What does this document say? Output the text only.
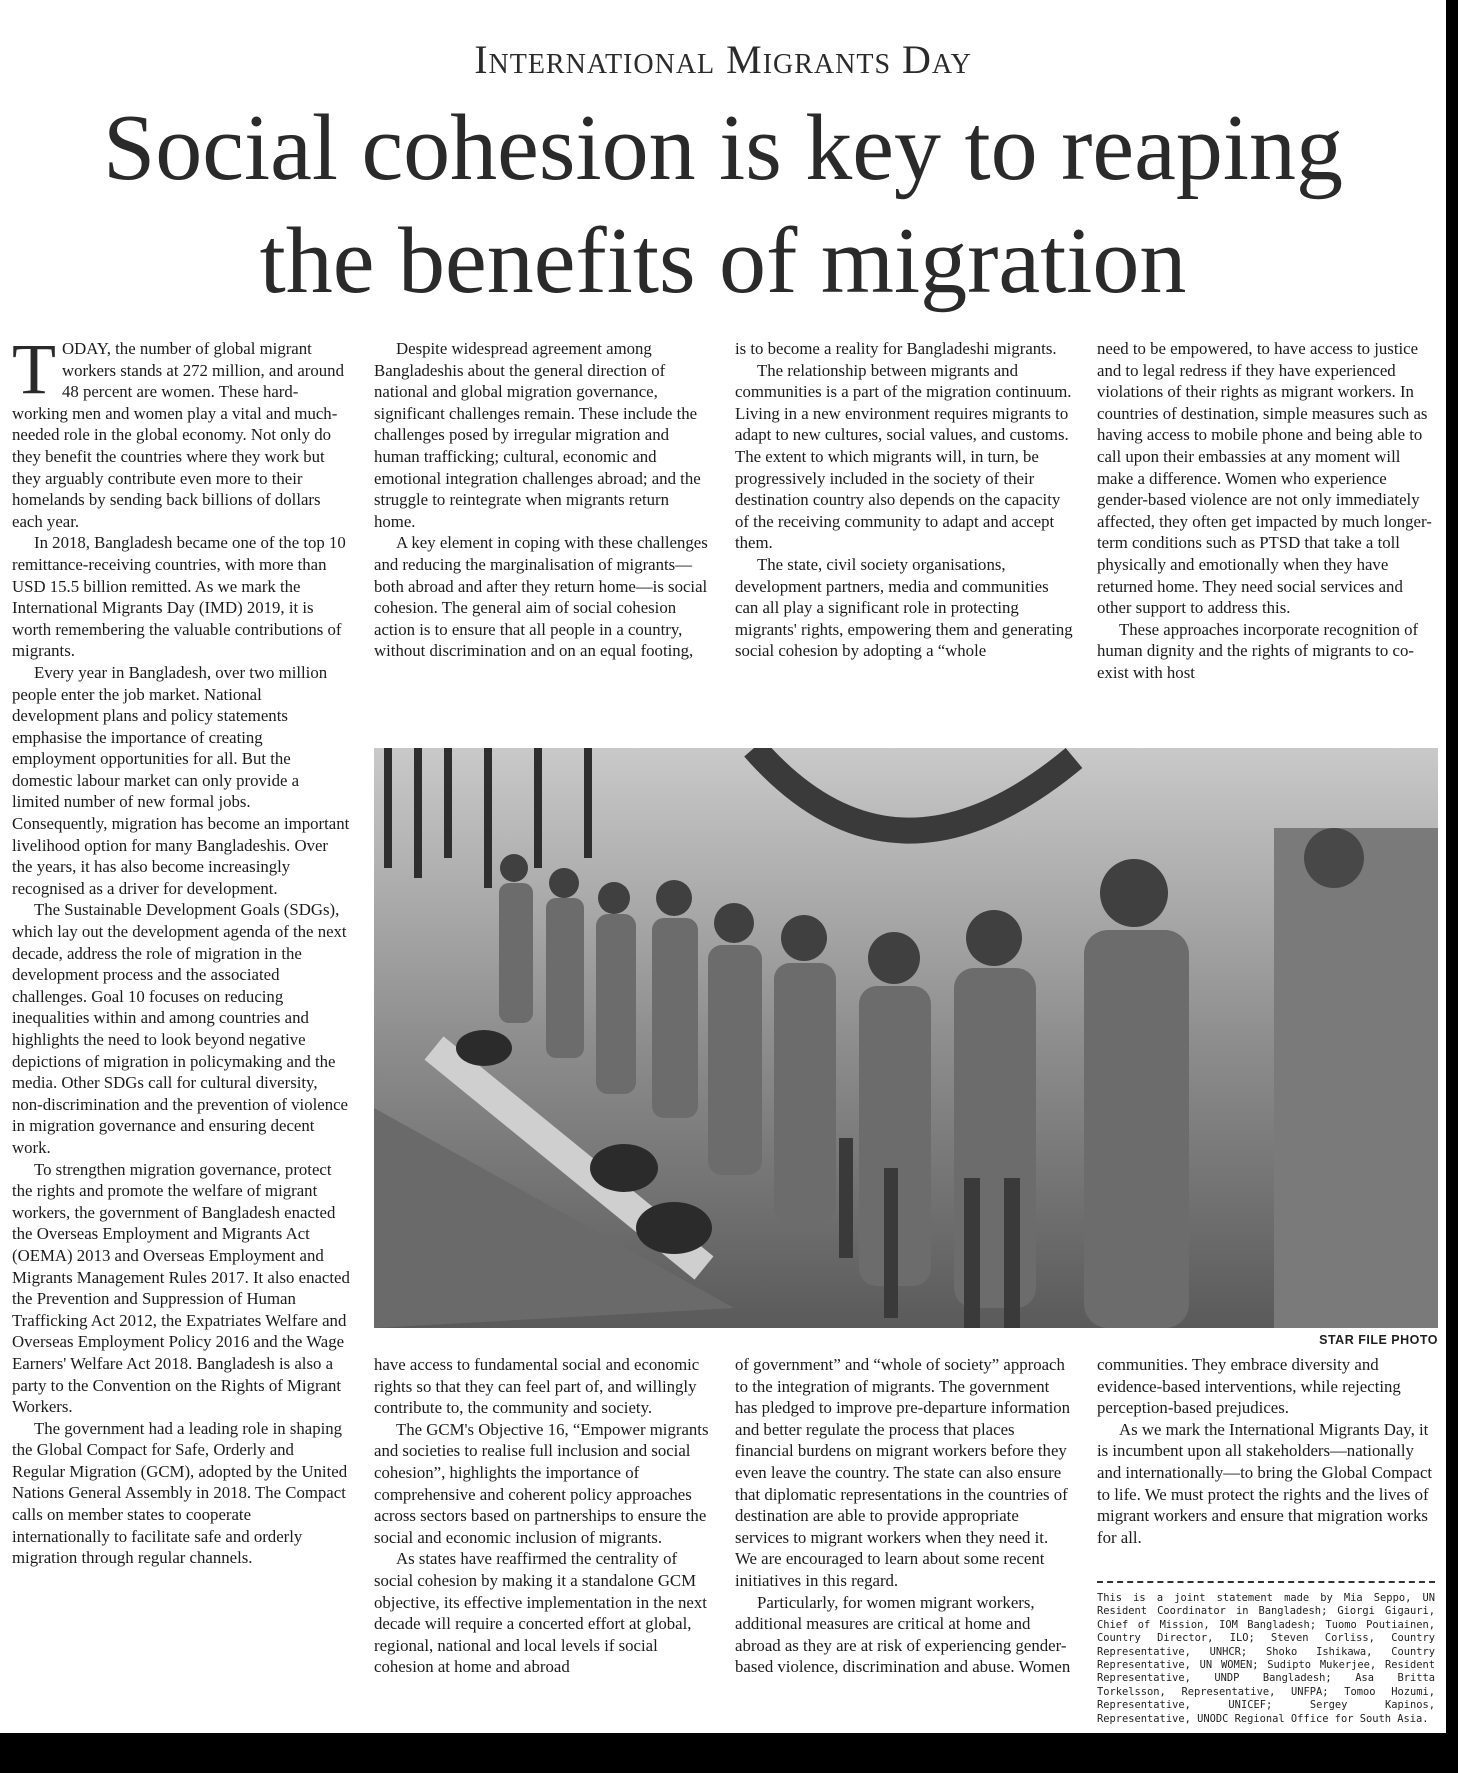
International Migrants Day
Social cohesion is key to reaping
the benefits of migration

TODAY, the number of global migrant workers stands at 272 million, and around 48 percent are women. These hard-working men and women play a vital and much-needed role in the global economy. Not only do they benefit the countries where they work but they arguably contribute even more to their homelands by sending back billions of dollars each year.

In 2018, Bangladesh became one of the top 10 remittance-receiving countries, with more than USD 15.5 billion remitted. As we mark the International Migrants Day (IMD) 2019, it is worth remembering the valuable contributions of migrants.

Every year in Bangladesh, over two million people enter the job market. National development plans and policy statements emphasise the importance of creating employment opportunities for all. But the domestic labour market can only provide a limited number of new formal jobs. Consequently, migration has become an important livelihood option for many Bangladeshis. Over the years, it has also become increasingly recognised as a driver for development.

The Sustainable Development Goals (SDGs), which lay out the development agenda of the next decade, address the role of migration in the development process and the associated challenges. Goal 10 focuses on reducing inequalities within and among countries and highlights the need to look beyond negative depictions of migration in policymaking and the media. Other SDGs call for cultural diversity, non-discrimination and the prevention of violence in migration governance and ensuring decent work.

To strengthen migration governance, protect the rights and promote the welfare of migrant workers, the government of Bangladesh enacted the Overseas Employment and Migrants Act (OEMA) 2013 and Overseas Employment and Migrants Management Rules 2017. It also enacted the Prevention and Suppression of Human Trafficking Act 2012, the Expatriates Welfare and Overseas Employment Policy 2016 and the Wage Earners' Welfare Act 2018. Bangladesh is also a party to the Convention on the Rights of Migrant Workers.

The government had a leading role in shaping the Global Compact for Safe, Orderly and Regular Migration (GCM), adopted by the United Nations General Assembly in 2018. The Compact calls on member states to cooperate internationally to facilitate safe and orderly migration through regular channels.

Despite widespread agreement among Bangladeshis about the general direction of national and global migration governance, significant challenges remain. These include the challenges posed by irregular migration and human trafficking; cultural, economic and emotional integration challenges abroad; and the struggle to reintegrate when migrants return home.

A key element in coping with these challenges and reducing the marginalisation of migrants—both abroad and after they return home—is social cohesion. The general aim of social cohesion action is to ensure that all people in a country, without discrimination and on an equal footing,

is to become a reality for Bangladeshi migrants.

The relationship between migrants and communities is a part of the migration continuum. Living in a new environment requires migrants to adapt to new cultures, social values, and customs. The extent to which migrants will, in turn, be progressively included in the society of their destination country also depends on the capacity of the receiving community to adapt and accept them.

The state, civil society organisations, development partners, media and communities can all play a significant role in protecting migrants' rights, empowering them and generating social cohesion by adopting a “whole

need to be empowered, to have access to justice and to legal redress if they have experienced violations of their rights as migrant workers. In countries of destination, simple measures such as having access to mobile phone and being able to call upon their embassies at any moment will make a difference. Women who experience gender-based violence are not only immediately affected, they often get impacted by much longer-term conditions such as PTSD that take a toll physically and emotionally when they have returned home. They need social services and other support to address this.

These approaches incorporate recognition of human dignity and the rights of migrants to co-exist with host

STAR FILE PHOTO

have access to fundamental social and economic rights so that they can feel part of, and willingly contribute to, the community and society.

The GCM's Objective 16, “Empower migrants and societies to realise full inclusion and social cohesion”, highlights the importance of comprehensive and coherent policy approaches across sectors based on partnerships to ensure the social and economic inclusion of migrants.

As states have reaffirmed the centrality of social cohesion by making it a standalone GCM objective, its effective implementation in the next decade will require a concerted effort at global, regional, national and local levels if social cohesion at home and abroad

of government” and “whole of society” approach to the integration of migrants. The government has pledged to improve pre-departure information and better regulate the process that places financial burdens on migrant workers before they even leave the country. The state can also ensure that diplomatic representations in the countries of destination are able to provide appropriate services to migrant workers when they need it. We are encouraged to learn about some recent initiatives in this regard.

Particularly, for women migrant workers, additional measures are critical at home and abroad as they are at risk of experiencing gender-based violence, discrimination and abuse. Women

communities. They embrace diversity and evidence-based interventions, while rejecting perception-based prejudices.

As we mark the International Migrants Day, it is incumbent upon all stakeholders—nationally and internationally—to bring the Global Compact to life. We must protect the rights and the lives of migrant workers and ensure that migration works for all.

This is a joint statement made by Mia Seppo, UN Resident Coordinator in Bangladesh; Giorgi Gigauri, Chief of Mission, IOM Bangladesh; Tuomo Poutiainen, Country Director, ILO; Steven Corliss, Country Representative, UNHCR; Shoko Ishikawa, Country Representative, UN WOMEN; Sudipto Mukerjee, Resident Representative, UNDP Bangladesh; Asa Britta Torkelsson, Representative, UNFPA; Tomoo Hozumi, Representative, UNICEF; Sergey Kapinos, Representative, UNODC Regional Office for South Asia.
